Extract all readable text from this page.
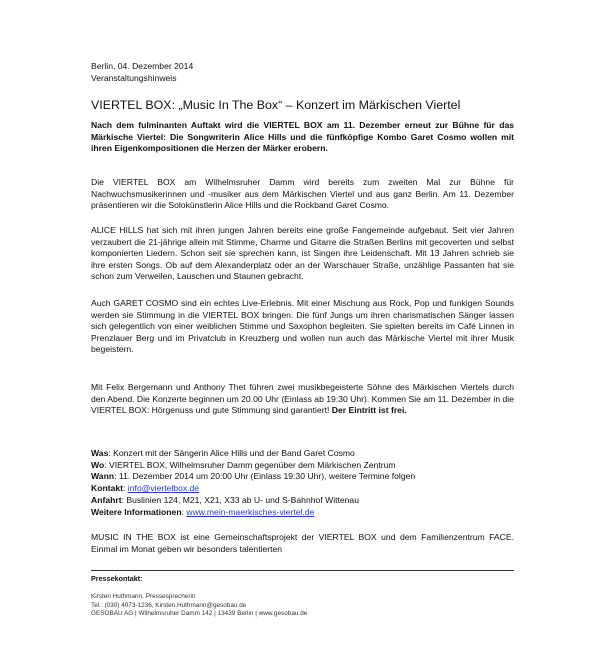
Berlin, 04. Dezember 2014
Veranstaltungshinweis
VIERTEL BOX: „Music In The Box“ – Konzert im Märkischen Viertel
Nach dem fulminanten Auftakt wird die VIERTEL BOX am 11. Dezember erneut zur Bühne für das Märkische Viertel: Die Songwriterin Alice Hills und die fünfköpfige Kombo Garet Cosmo wollen mit ihren Eigenkompositionen die Herzen der Märker erobern.
Die VIERTEL BOX am Wilhelmsruher Damm wird bereits zum zweiten Mal zur Bühne für Nachwuchsmusikerinnen und -musiker aus dem Märkischen Viertel und aus ganz Berlin. Am 11. Dezember präsentieren wir die Solokünstlerin Alice Hills und die Rockband Garet Cosmo.
ALICE HILLS hat sich mit ihren jungen Jahren bereits eine große Fangemeinde aufgebaut. Seit vier Jahren verzaubert die 21-jährige allein mit Stimme, Charme und Gitarre die Straßen Berlins mit gecoverten und selbst komponierten Liedern. Schon seit sie sprechen kann, ist Singen ihre Leidenschaft. Mit 13 Jahren schrieb sie ihre ersten Songs. Ob auf dem Alexanderplatz oder an der Warschauer Straße, unzählige Passanten hat sie schon zum Verweilen, Lauschen und Staunen gebracht.
Auch GARET COSMO sind ein echtes Live-Erlebnis. Mit einer Mischung aus Rock, Pop und funkigen Sounds werden sie Stimmung in die VIERTEL BOX bringen. Die fünf Jungs um ihren charismatischen Sänger lassen sich gelegentlich von einer weiblichen Stimme und Saxophon begleiten. Sie spielten bereits im Café Linnen in Prenzlauer Berg und im Privatclub in Kreuzberg und wollen nun auch das Märkische Viertel mit ihrer Musik begeistern.
Mit Felix Bergemann und Anthony Thet führen zwei musikbegeisterte Söhne des Märkischen Viertels durch den Abend. Die Konzerte beginnen um 20.00 Uhr (Einlass ab 19:30 Uhr). Kommen Sie am 11. Dezember in die VIERTEL BOX: Hörgenuss und gute Stimmung sind garantiert! Der Eintritt ist frei.
Was: Konzert mit der Sängerin Alice Hills und der Band Garet Cosmo
Wo: VIERTEL BOX, Wilhelmsruher Damm gegenüber dem Märkischen Zentrum
Wann: 11. Dezember 2014 um 20:00 Uhr (Einlass 19:30 Uhr), weitere Termine folgen
Kontakt: info@viertelbox.de
Anfahrt: Buslinien 124, M21, X21, X33 ab U- und S-Bahnhof Wittenau
Weitere Informationen: www.mein-maerkisches-viertel.de
MUSIC IN THE BOX ist eine Gemeinschaftsprojekt der VIERTEL BOX und dem Familienzentrum FACE. Einmal im Monat geben wir besonders talentierten
Pressekontakt:
Kirsten Huthmann, Pressesprecherin
Tel.: (030) 4073-1236, Kirsten.Huthmann@gesobau.de
GESOBAU AG | Wilhelmsruher Damm 142 | 13439 Berlin | www.gesobau.de
